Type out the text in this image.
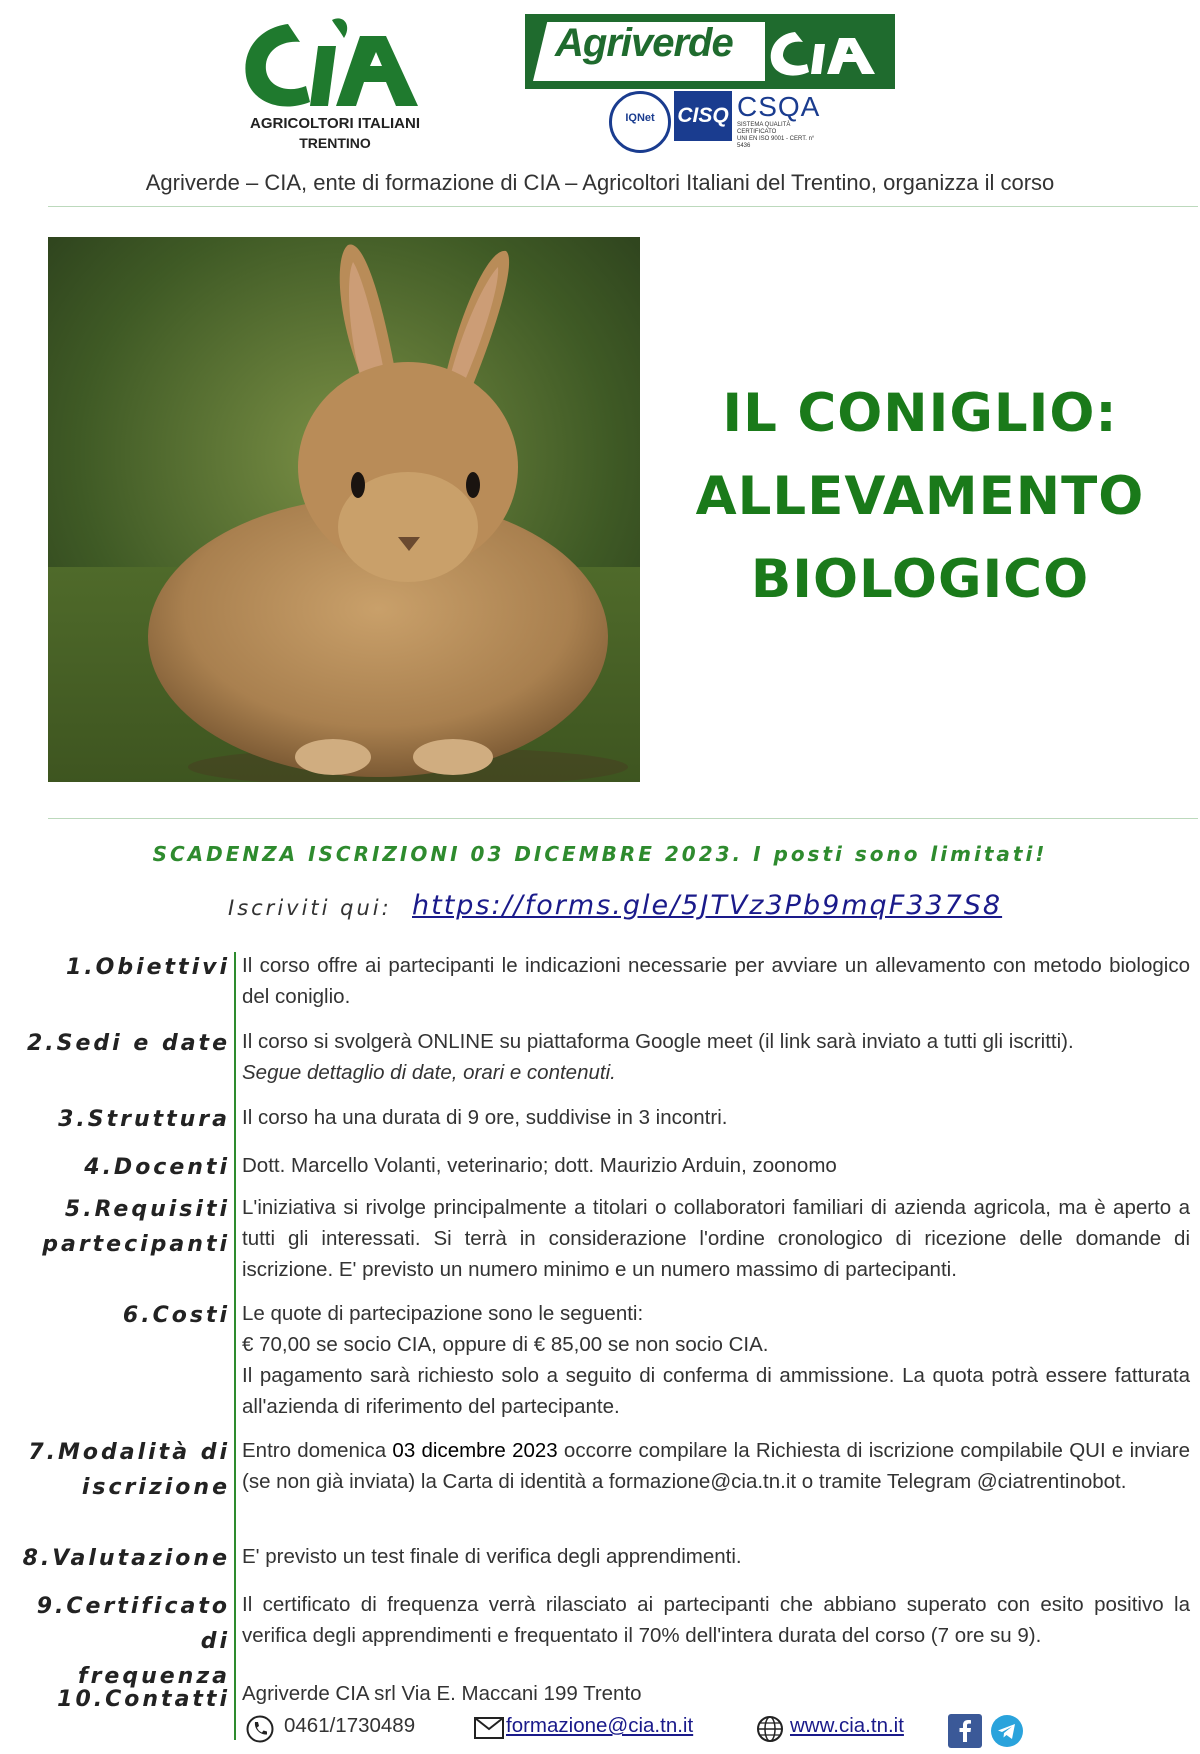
AGRICOLTORI ITALIANI
TRENTINO
Agriverde
IQNet	CISQ CSQA
SISTEMA QUALITÀ CERTIFICATO
UNI EN ISO 9001 - CERT. n° 5436
Agriverde – CIA, ente di formazione di CIA – Agricoltori Italiani del Trentino, organizza il corso
IL CONIGLIO:
ALLEVAMENTO
BIOLOGICO
SCADENZA ISCRIZIONI 03 DICEMBRE 2023. I posti sono limitati!
Iscriviti qui: https://forms.gle/5JTVz3Pb9mqF337S8
1.Obiettivi Il corso offre ai partecipanti le indicazioni necessarie per avviare un allevamento con metodo biologico del coniglio.

2.Sedi e date Il corso si svolgerà ONLINE su piattaforma Google meet (il link sarà inviato a tutti gli iscritti).

Segue dettaglio di date, orari e contenuti.

3.Struttura Il corso ha una durata di 9 ore, suddivise in 3 incontri.
4.Docenti Dott. Marcello Volanti, veterinario; dott. Maurizio Arduin, zoonomo
5.Requisiti
partecipanti
L'iniziativa si rivolge principalmente a titolari o collaboratori familiari di azienda agricola, ma è aperto a tutti gli interessati. Si terrà in considerazione l'ordine cronologico di ricezione delle domande di iscrizione. E' previsto un numero minimo e un numero massimo di partecipanti.
6.Costi Le quote di partecipazione sono le seguenti:

€ 70,00 se socio CIA, oppure di € 85,00 se non socio CIA.

Il pagamento sarà richiesto solo a seguito di conferma di ammissione. La quota potrà essere fatturata all'azienda di riferimento del partecipante.

7.Modalità di
iscrizione
Entro domenica 03 dicembre 2023 occorre compilare la Richiesta di iscrizione compilabile QUI e inviare (se non già inviata) la Carta di identità a formazione@cia.tn.it o tramite Telegram @ciatrentinobot.
8.Valutazione E' previsto un test finale di verifica degli apprendimenti.
9.Certificato di
frequenza
Il certificato di frequenza verrà rilasciato ai partecipanti che abbiano superato con esito positivo la verifica degli apprendimenti e frequentato il 70% dell'intera durata del corso (7 ore su 9).
10.Contatti Agriverde CIA srl Via E. Maccani 199 Trento
0461/1730489	formazione@cia.tn.it	www.cia.tn.it
